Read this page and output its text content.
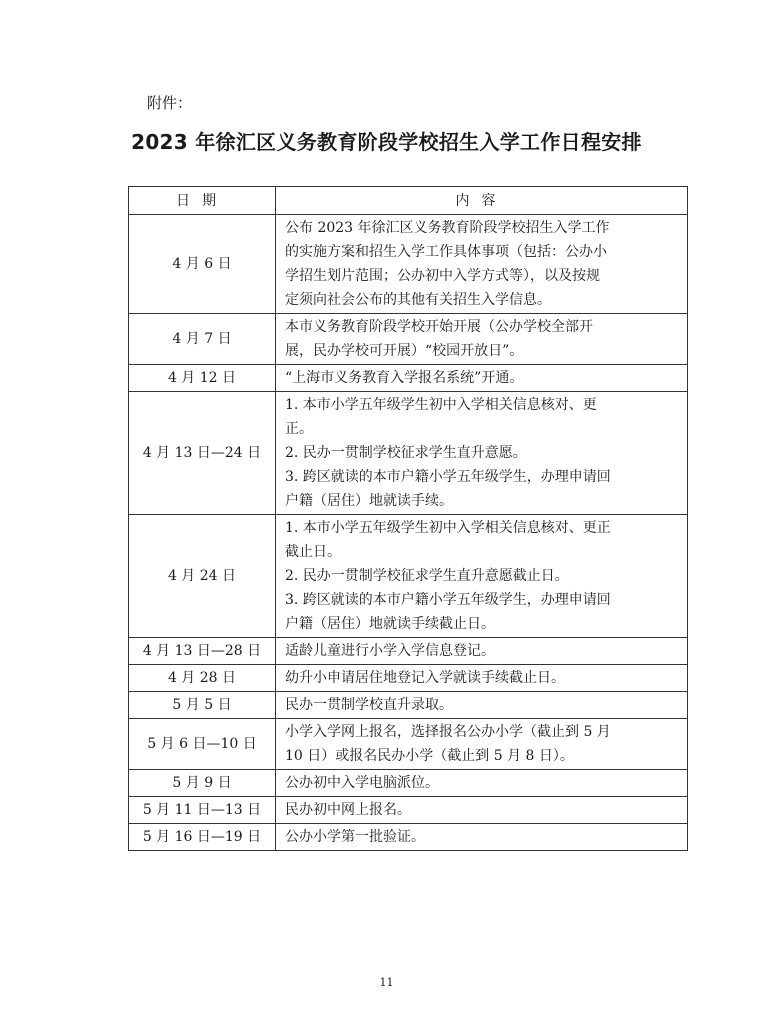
附件：
2023 年徐汇区义务教育阶段学校招生入学工作日程安排
日期	内容
4 月 6 日	公布 2023 年徐汇区义务教育阶段学校招生入学工作
的实施方案和招生入学工作具体事项（包括：公办小
学招生划片范围；公办初中入学方式等），以及按规
定须向社会公布的其他有关招生入学信息。

4 月 7 日	本市义务教育阶段学校开始开展（公办学校全部开
展，民办学校可开展）“校园开放日”。

4 月 12 日	“上海市义务教育入学报名系统”开通。

4 月 13 日—24 日	1. 本市小学五年级学生初中入学相关信息核对、更
正。
2. 民办一贯制学校征求学生直升意愿。
3. 跨区就读的本市户籍小学五年级学生，办理申请回
户籍（居住）地就读手续。

4 月 24 日	1. 本市小学五年级学生初中入学相关信息核对、更正
截止日。
2. 民办一贯制学校征求学生直升意愿截止日。
3. 跨区就读的本市户籍小学五年级学生，办理申请回
户籍（居住）地就读手续截止日。

4 月 13 日—28 日	适龄儿童进行小学入学信息登记。

4 月 28 日	幼升小申请居住地登记入学就读手续截止日。

5 月 5 日	民办一贯制学校直升录取。

5 月 6 日—10 日	小学入学网上报名，选择报名公办小学（截止到 5 月
10 日）或报名民办小学（截止到 5 月 8 日）。

5 月 9 日	公办初中入学电脑派位。

5 月 11 日—13 日	民办初中网上报名。

5 月 16 日—19 日	公办小学第一批验证。
11
